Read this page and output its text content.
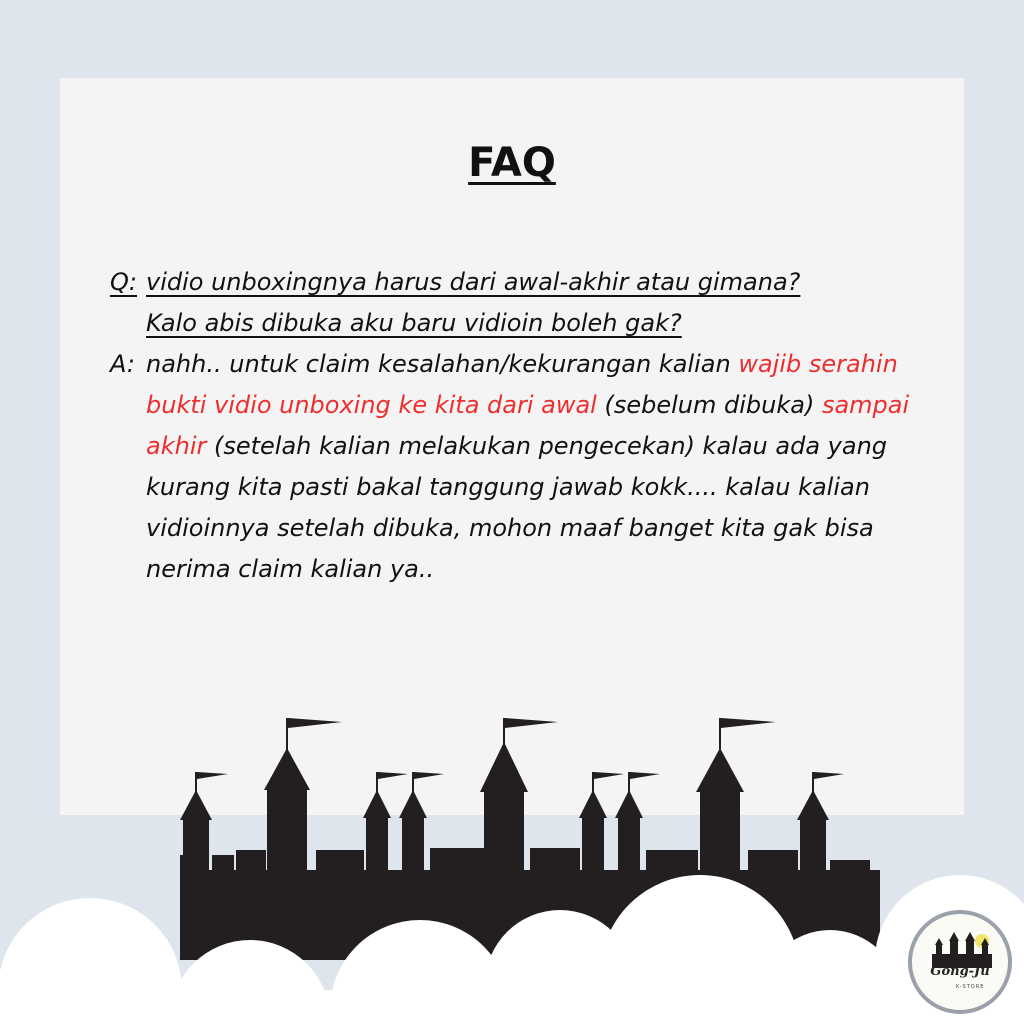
FAQ
Q: vidio unboxingnya harus dari awal-akhir atau gimana?
Kalo abis dibuka aku baru vidioin boleh gak?
A: nahh.. untuk claim kesalahan/kekurangan kalian wajib serahin bukti vidio unboxing ke kita dari awal (sebelum dibuka) sampai akhir (setelah kalian melakukan pengecekan) kalau ada yang kurang kita pasti bakal tanggung jawab kokk.... kalau kalian vidioinnya setelah dibuka, mohon maaf banget kita gak bisa nerima claim kalian ya..
Gong-Ju
K-STORE
